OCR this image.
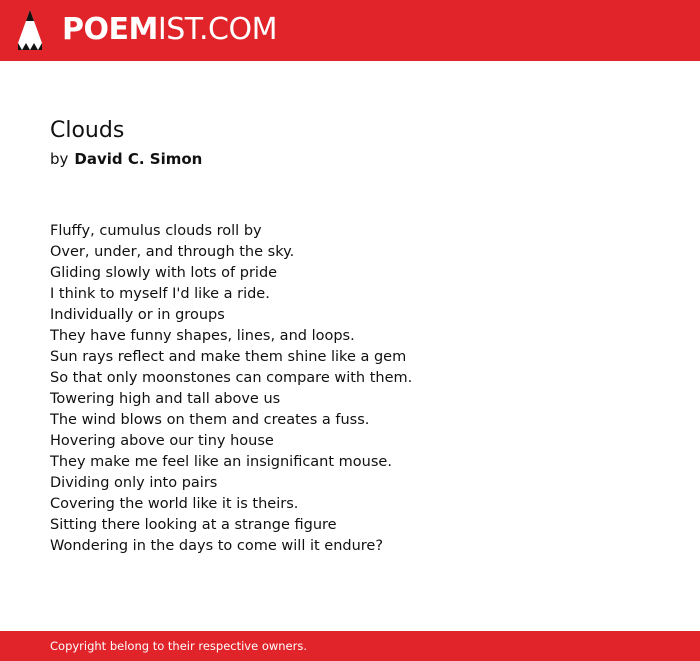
POEMIST.COM
Clouds
by David C. Simon
Fluffy, cumulus clouds roll by
Over, under, and through the sky.
Gliding slowly with lots of pride
I think to myself I'd like a ride.
Individually or in groups
They have funny shapes, lines, and loops.
Sun rays reflect and make them shine like a gem
So that only moonstones can compare with them.
Towering high and tall above us
The wind blows on them and creates a fuss.
Hovering above our tiny house
They make me feel like an insignificant mouse.
Dividing only into pairs
Covering the world like it is theirs.
Sitting there looking at a strange figure
Wondering in the days to come will it endure?
Copyright belong to their respective owners.
